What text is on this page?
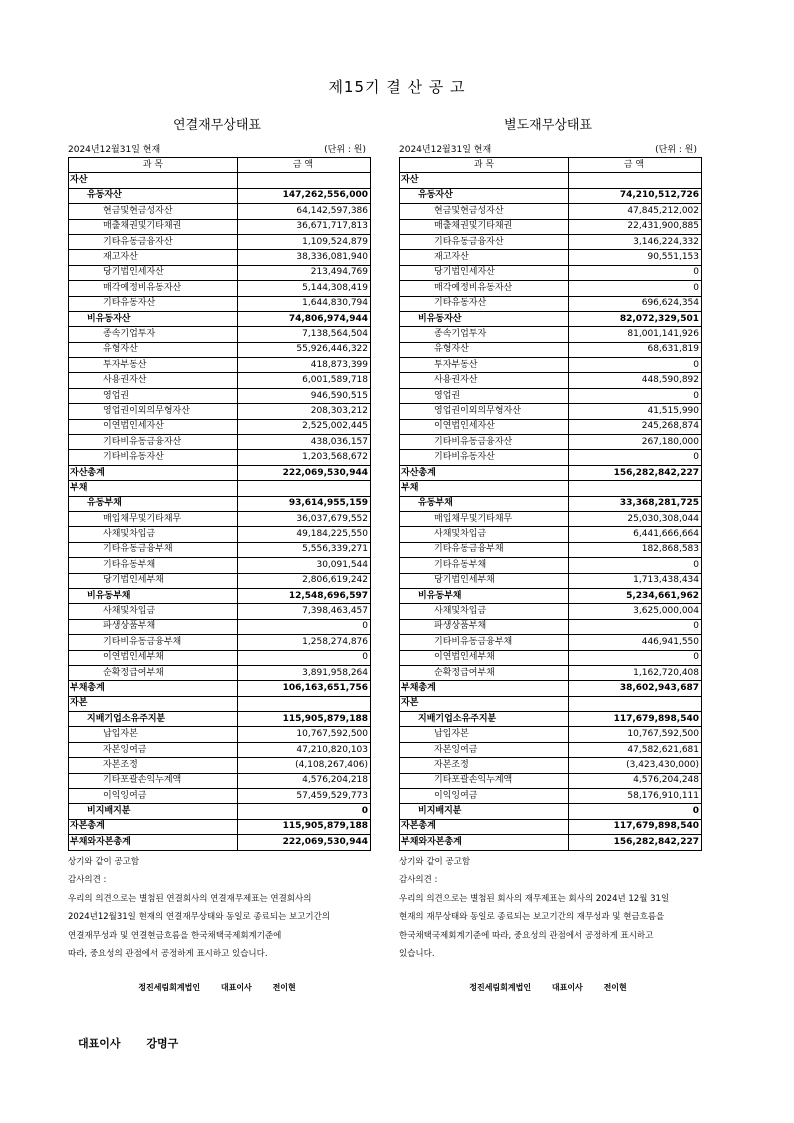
제15기 결 산 공 고
연결재무상태표
2024년12월31일 현재	(단위 : 원)
과 목	금 액
자산	
유동자산	147,262,556,000
현금및현금성자산	64,142,597,386
매출채권및기타채권	36,671,717,813
기타유동금융자산	1,109,524,879
재고자산	38,336,081,940
당기법인세자산	213,494,769
매각예정비유동자산	5,144,308,419
기타유동자산	1,644,830,794
비유동자산	74,806,974,944
종속기업투자	7,138,564,504
유형자산	55,926,446,322
투자부동산	418,873,399
사용권자산	6,001,589,718
영업권	946,590,515
영업권이외의무형자산	208,303,212
이연법인세자산	2,525,002,445
기타비유동금융자산	438,036,157
기타비유동자산	1,203,568,672
자산총계	222,069,530,944
부채	
유동부채	93,614,955,159
매입채무및기타채무	36,037,679,552
사채및차입금	49,184,225,550
기타유동금융부채	5,556,339,271
기타유동부채	30,091,544
당기법인세부채	2,806,619,242
비유동부채	12,548,696,597
사채및차입금	7,398,463,457
파생상품부채	0
기타비유동금융부채	1,258,274,876
이연법인세부채	0
순확정급여부채	3,891,958,264
부채총계	106,163,651,756
자본	
지배기업소유주지분	115,905,879,188
납입자본	10,767,592,500
자본잉여금	47,210,820,103
자본조정	(4,108,267,406)
기타포괄손익누계액	4,576,204,218
이익잉여금	57,459,529,773
비지배지분	0
자본총계	115,905,879,188
부채와자본총계	222,069,530,944

상기와 같이 공고함

감사의견 :

우리의 의견으로는 별첨된 연결회사의 연결재무제표는 연결회사의

2024년12월31일 현재의 연결재무상태와 동일로 종료되는 보고기간의

연결재무성과 및 연결현금흐름을 한국채택국제회계기준에

따라, 중요성의 관점에서 공정하게 표시하고 있습니다.

정진세림회계법인	대표이사	전이현
별도재무상태표
2024년12월31일 현재	(단위 : 원)
과 목	금 액
자산	
유동자산	74,210,512,726
현금및현금성자산	47,845,212,002
매출채권및기타채권	22,431,900,885
기타유동금융자산	3,146,224,332
재고자산	90,551,153
당기법인세자산	0
매각예정비유동자산	0
기타유동자산	696,624,354
비유동자산	82,072,329,501
종속기업투자	81,001,141,926
유형자산	68,631,819
투자부동산	0
사용권자산	448,590,892
영업권	0
영업권이외의무형자산	41,515,990
이연법인세자산	245,268,874
기타비유동금융자산	267,180,000
기타비유동자산	0
자산총계	156,282,842,227
부채	
유동부채	33,368,281,725
매입채무및기타채무	25,030,308,044
사채및차입금	6,441,666,664
기타유동금융부채	182,868,583
기타유동부채	0
당기법인세부채	1,713,438,434
비유동부채	5,234,661,962
사채및차입금	3,625,000,004
파생상품부채	0
기타비유동금융부채	446,941,550
이연법인세부채	0
순확정급여부채	1,162,720,408
부채총계	38,602,943,687
자본	
지배기업소유주지분	117,679,898,540
납입자본	10,767,592,500
자본잉여금	47,582,621,681
자본조정	(3,423,430,000)
기타포괄손익누계액	4,576,204,248
이익잉여금	58,176,910,111
비지배지분	0
자본총계	117,679,898,540
부채와자본총계	156,282,842,227

상기와 같이 공고함

감사의견 :

우리의 의견으로는 별첨된 회사의 재무제표는 회사의 2024년 12월 31일

현재의 재무상태와 동일로 종료되는 보고기간의 재무성과 및 현금흐름을

한국채택국제회계기준에 따라, 중요성의 관점에서 공정하게 표시하고

있습니다.

정진세림회계법인	대표이사	전이현
대표이사 강명구
